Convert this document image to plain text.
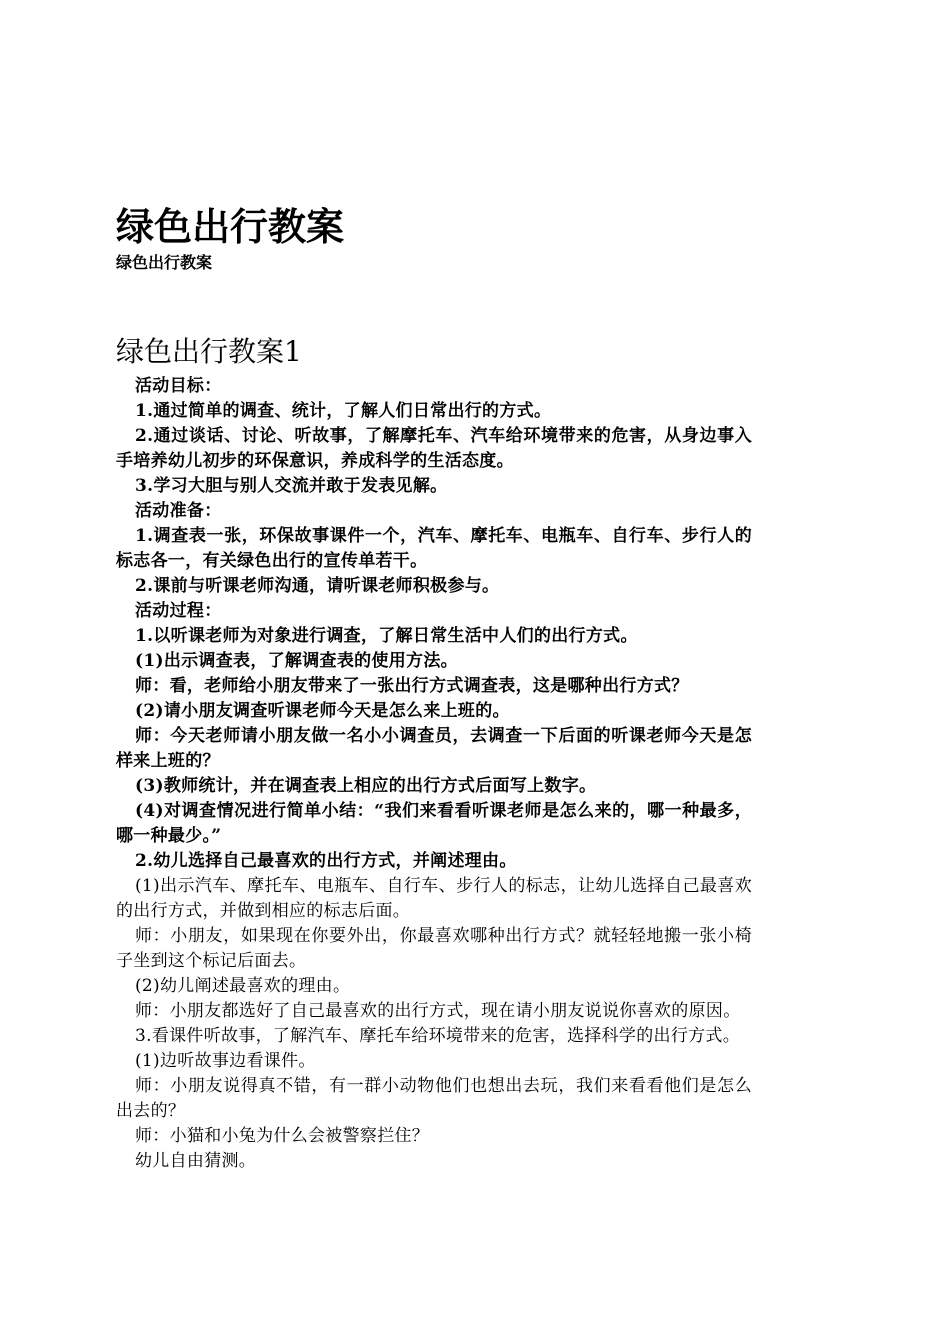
绿色出行教案
绿色出行教案
绿色出行教案1

活动目标：

1.通过简单的调查、统计，了解人们日常出行的方式。

2.通过谈话、讨论、听故事，了解摩托车、汽车给环境带来的危害，从身边事入手培养幼儿初步的环保意识，养成科学的生活态度。

3.学习大胆与别人交流并敢于发表见解。

活动准备：

1.调查表一张，环保故事课件一个，汽车、摩托车、电瓶车、自行车、步行人的标志各一，有关绿色出行的宣传单若干。

2.课前与听课老师沟通，请听课老师积极参与。

活动过程：

1.以听课老师为对象进行调查，了解日常生活中人们的出行方式。

(1)出示调查表，了解调查表的使用方法。

师：看，老师给小朋友带来了一张出行方式调查表，这是哪种出行方式？

(2)请小朋友调查听课老师今天是怎么来上班的。

师：今天老师请小朋友做一名小小调查员，去调查一下后面的听课老师今天是怎样来上班的？

(3)教师统计，并在调查表上相应的出行方式后面写上数字。

(4)对调查情况进行简单小结：“我们来看看听课老师是怎么来的，哪一种最多，哪一种最少。”

2.幼儿选择自己最喜欢的出行方式，并阐述理由。

(1)出示汽车、摩托车、电瓶车、自行车、步行人的标志，让幼儿选择自己最喜欢的出行方式，并做到相应的标志后面。

师：小朋友，如果现在你要外出，你最喜欢哪种出行方式？就轻轻地搬一张小椅子坐到这个标记后面去。

(2)幼儿阐述最喜欢的理由。

师：小朋友都选好了自己最喜欢的出行方式，现在请小朋友说说你喜欢的原因。

3.看课件听故事，了解汽车、摩托车给环境带来的危害，选择科学的出行方式。

(1)边听故事边看课件。

师：小朋友说得真不错，有一群小动物他们也想出去玩，我们来看看他们是怎么出去的？

师：小猫和小兔为什么会被警察拦住？

幼儿自由猜测。
